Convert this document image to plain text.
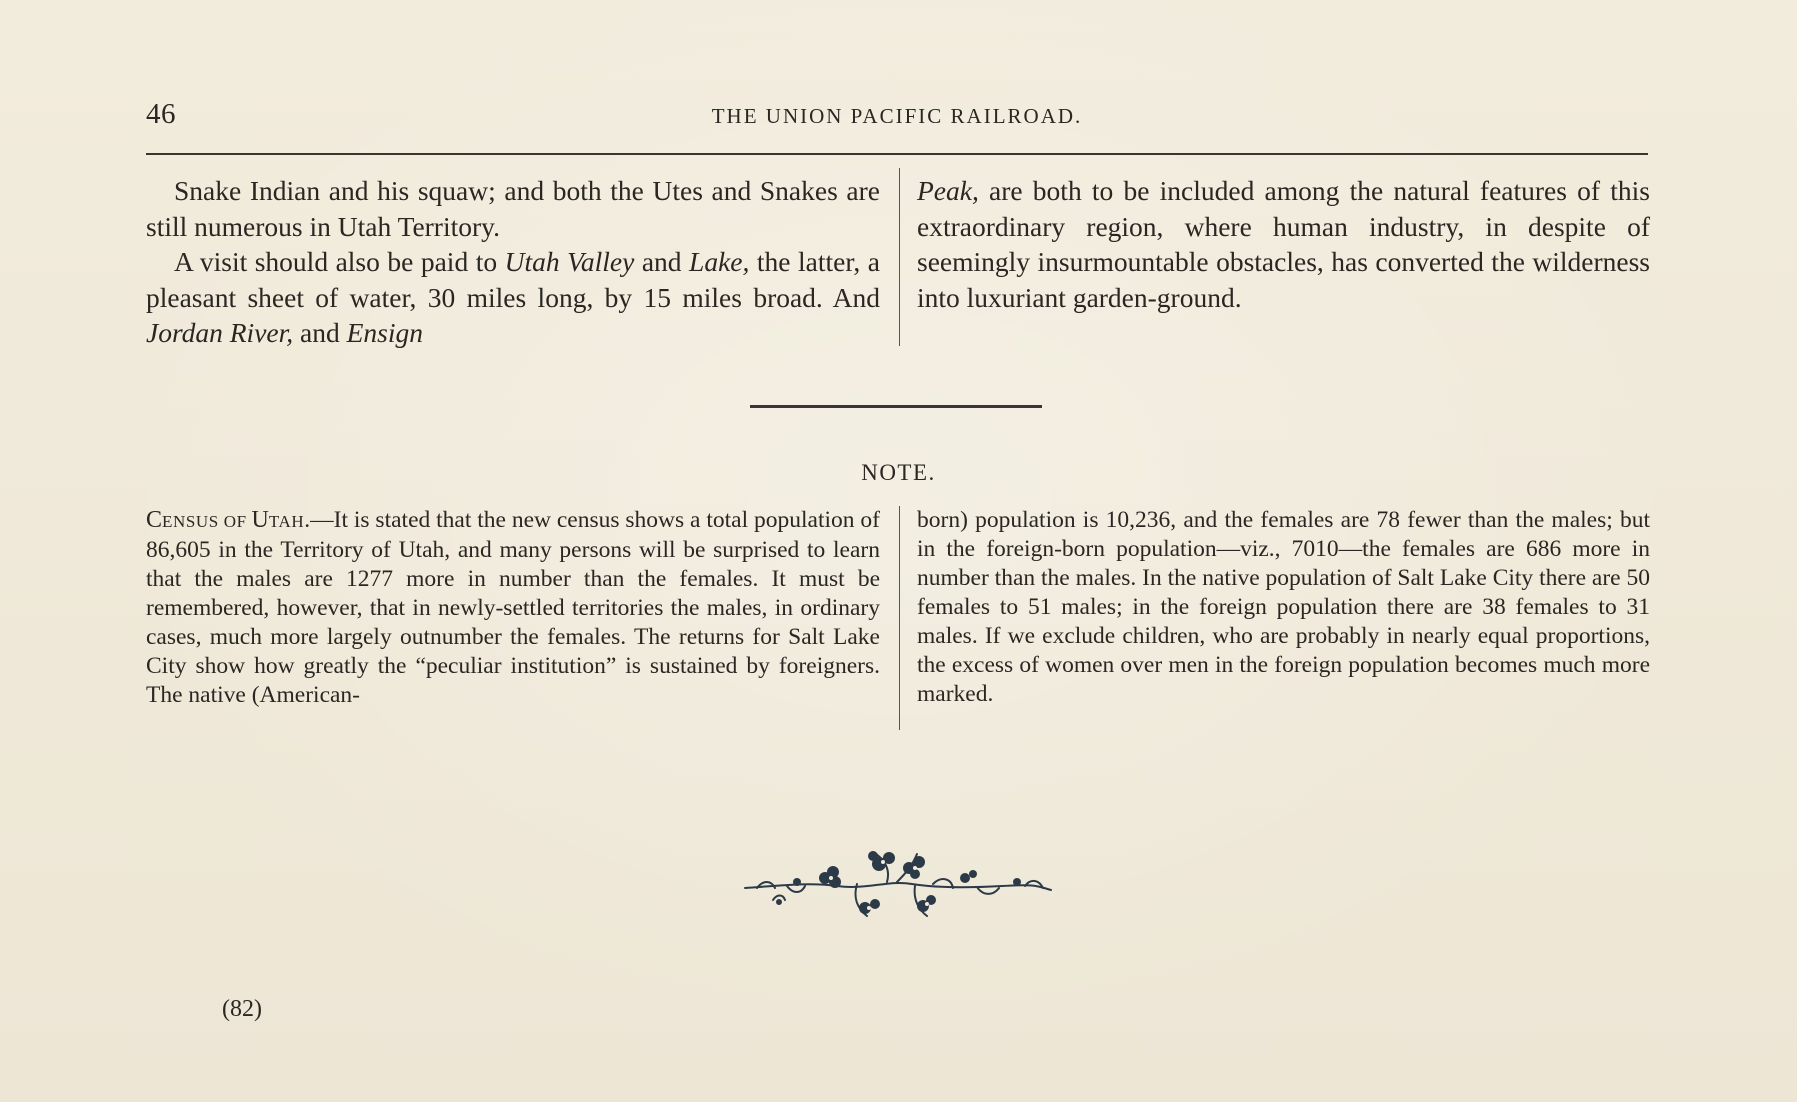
46	THE UNION PACIFIC RAILROAD.

Snake Indian and his squaw; and both the Utes and Snakes are still numerous in Utah Territory.

A visit should also be paid to Utah Valley and Lake, the latter, a pleasant sheet of water, 30 miles long, by 15 miles broad. And Jordan River, and Ensign

Peak, are both to be included among the natural features of this extraordinary region, where human industry, in despite of seemingly insurmountable obstacles, has converted the wilderness into luxuriant garden-ground.

NOTE.

CENSUS OF UTAH.—It is stated that the new census shows a total population of 86,605 in the Territory of Utah, and many persons will be surprised to learn that the males are 1277 more in number than the females. It must be remembered, however, that in newly-settled territories the males, in ordinary cases, much more largely outnumber the females. The returns for Salt Lake City show how greatly the “peculiar institution” is sustained by foreigners. The native (American-

born) population is 10,236, and the females are 78 fewer than the males; but in the foreign-born population—viz., 7010—the females are 686 more in number than the males. In the native population of Salt Lake City there are 50 females to 51 males; in the foreign population there are 38 females to 31 males. If we exclude children, who are probably in nearly equal proportions, the excess of women over men in the foreign population becomes much more marked.

(82)
